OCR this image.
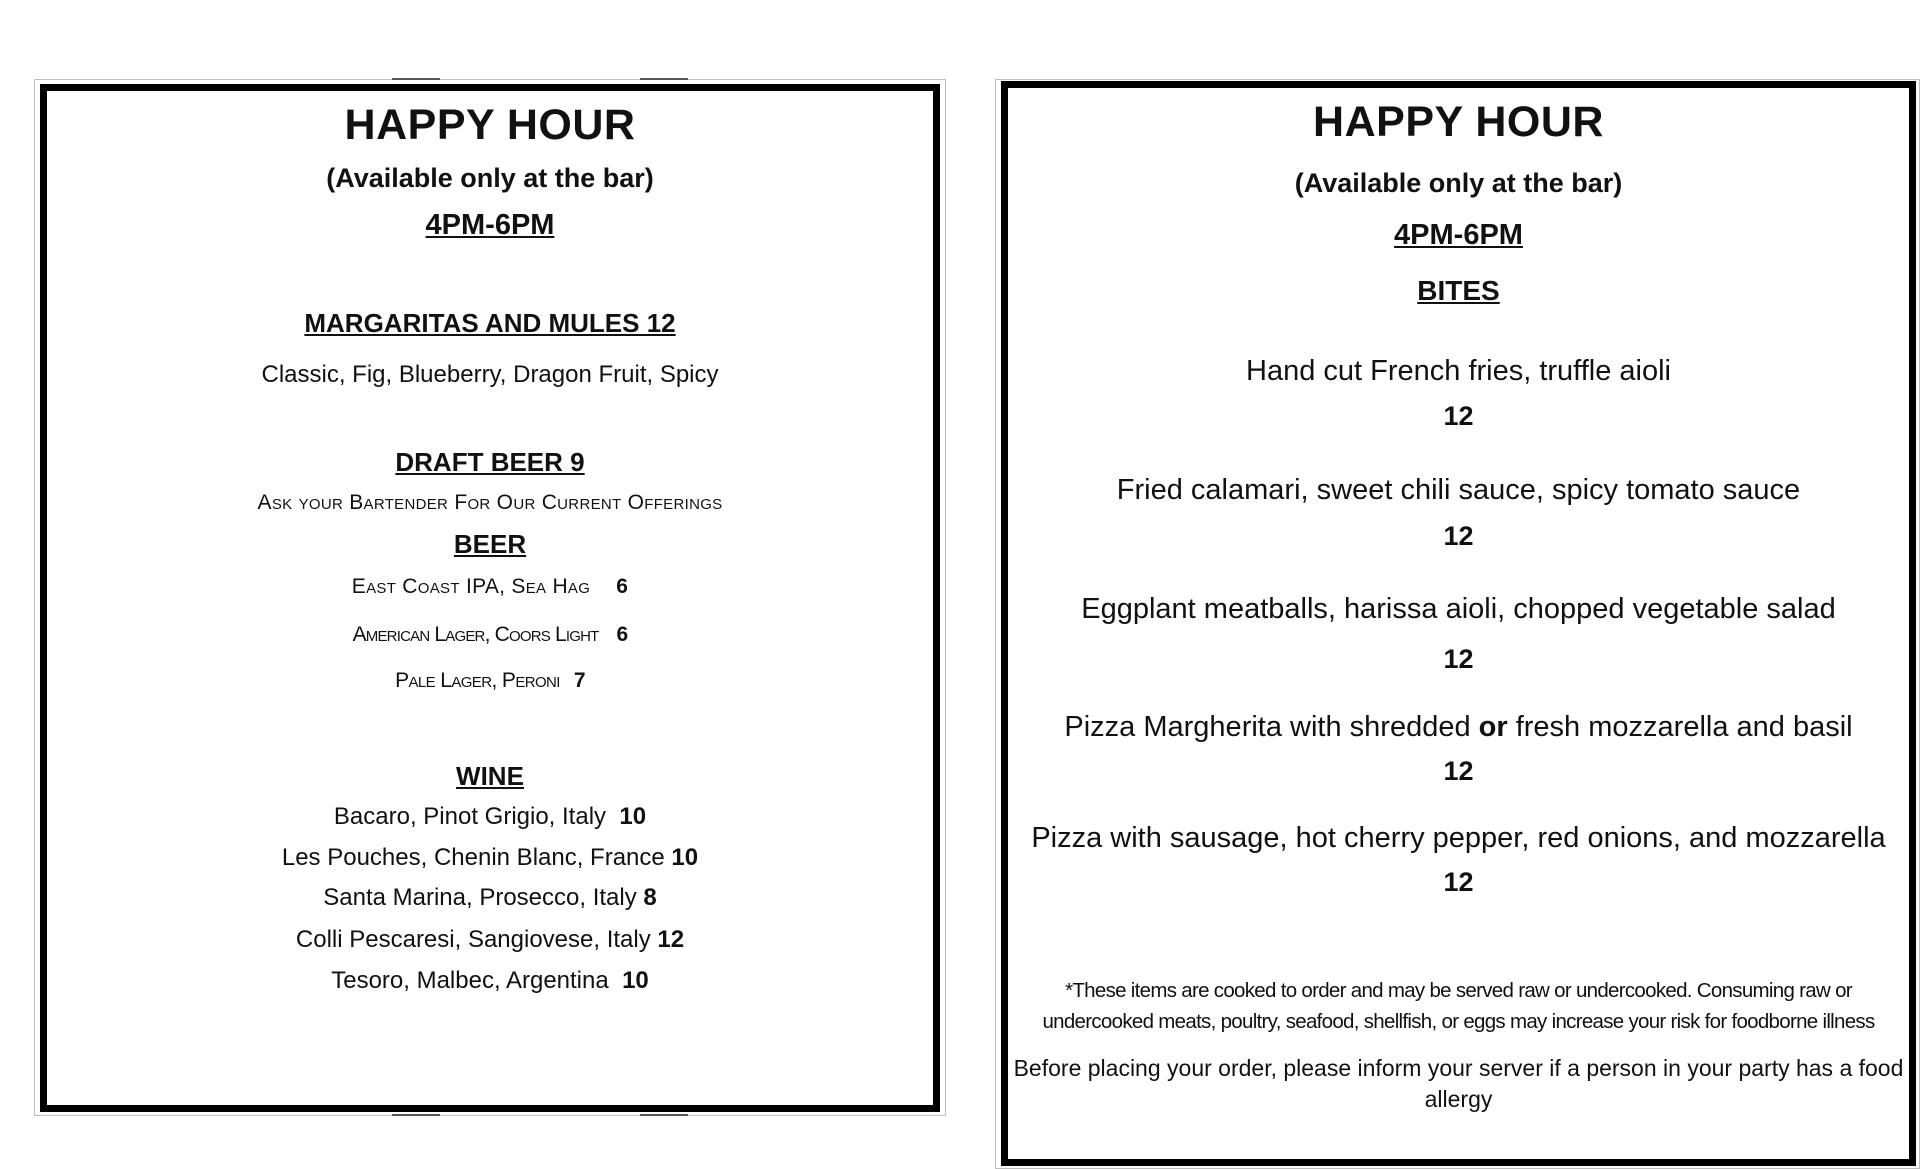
HAPPY HOUR
(Available only at the bar)
4PM-6PM
MARGARITAS AND MULES 12
Classic, Fig, Blueberry, Dragon Fruit, Spicy
DRAFT BEER 9
Ask your Bartender For Our Current Offerings
BEER
East Coast IPA, Sea Hag 6
American Lager, Coors Light 6
Pale Lager, Peroni 7
WINE
Bacaro, Pinot Grigio, Italy 10
Les Pouches, Chenin Blanc, France 10
Santa Marina, Prosecco, Italy 8
Colli Pescaresi, Sangiovese, Italy 12
Tesoro, Malbec, Argentina 10
HAPPY HOUR
(Available only at the bar)
4PM-6PM
BITES
Hand cut French fries, truffle aioli
12
Fried calamari, sweet chili sauce, spicy tomato sauce
12
Eggplant meatballs, harissa aioli, chopped vegetable salad
12
Pizza Margherita with shredded or fresh mozzarella and basil
12
Pizza with sausage, hot cherry pepper, red onions, and mozzarella
12
*These items are cooked to order and may be served raw or undercooked. Consuming raw or
undercooked meats, poultry, seafood, shellfish, or eggs may increase your risk for foodborne illness
Before placing your order, please inform your server if a person in your party has a food
allergy
